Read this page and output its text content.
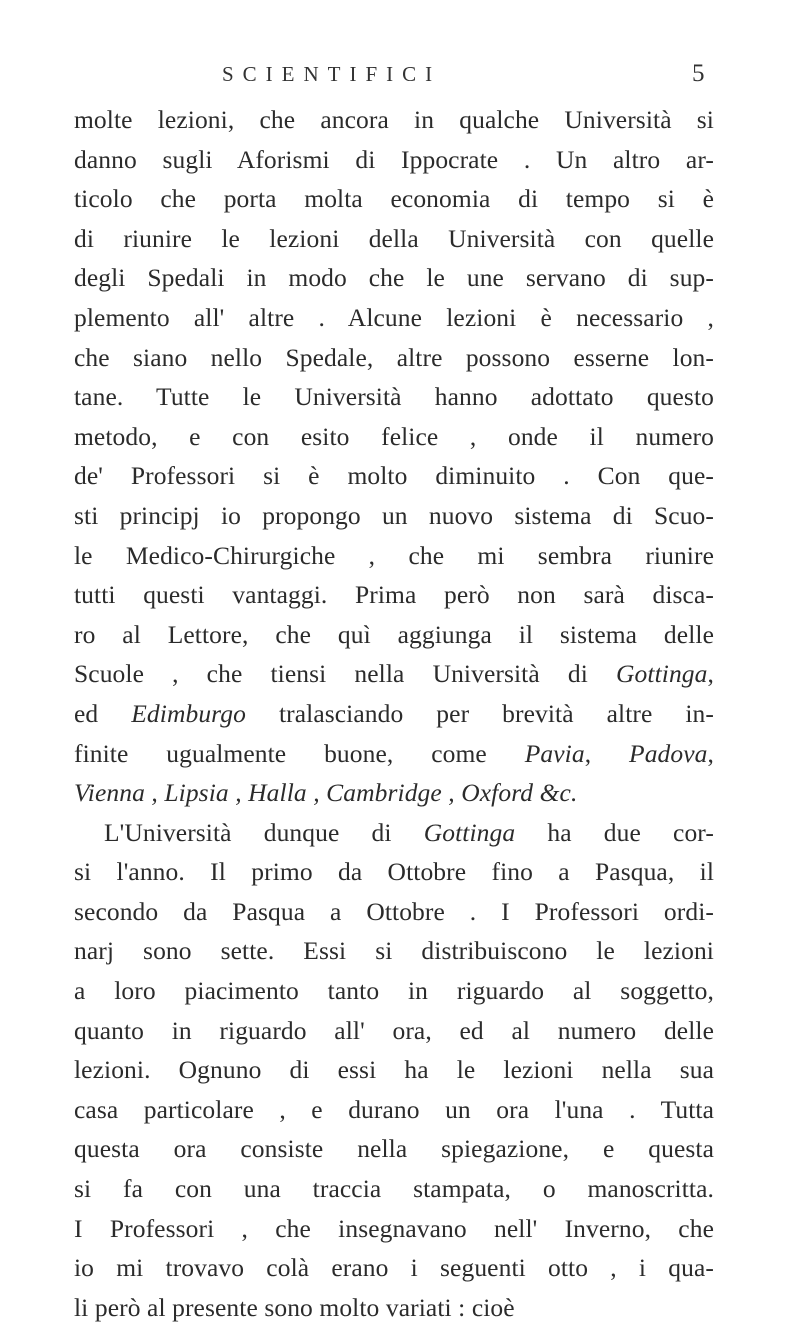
SCIENTIFICI	5
molte lezioni, che ancora in qualche Università si
danno sugli Aforismi di Ippocrate . Un altro ar-
ticolo che porta molta economia di tempo si è
di riunire le lezioni della Università con quelle
degli Spedali in modo che le une servano di sup-
plemento all' altre . Alcune lezioni è necessario ,
che siano nello Spedale, altre possono esserne lon-
tane. Tutte le Università hanno adottato questo
metodo, e con esito felice , onde il numero
de' Professori si è molto diminuito . Con que-
sti principj io propongo un nuovo sistema di Scuo-
le Medico-Chirurgiche , che mi sembra riunire
tutti questi vantaggi. Prima però non sarà disca-
ro al Lettore, che quì aggiunga il sistema delle
Scuole , che tiensi nella Università di Gottinga,
ed Edimburgo tralasciando per brevità altre in-
finite ugualmente buone, come Pavia, Padova,
Vienna , Lipsia , Halla , Cambridge , Oxford &c.
L'Università dunque di Gottinga ha due cor-
si l'anno. Il primo da Ottobre fino a Pasqua, il
secondo da Pasqua a Ottobre . I Professori ordi-
narj sono sette. Essi si distribuiscono le lezioni
a loro piacimento tanto in riguardo al soggetto,
quanto in riguardo all' ora, ed al numero delle
lezioni. Ognuno di essi ha le lezioni nella sua
casa particolare , e durano un ora l'una . Tutta
questa ora consiste nella spiegazione, e questa
si fa con una traccia stampata, o manoscritta.
I Professori , che insegnavano nell' Inverno, che
io mi trovavo colà erano i seguenti otto , i qua-
li però al presente sono molto variati : cioè
